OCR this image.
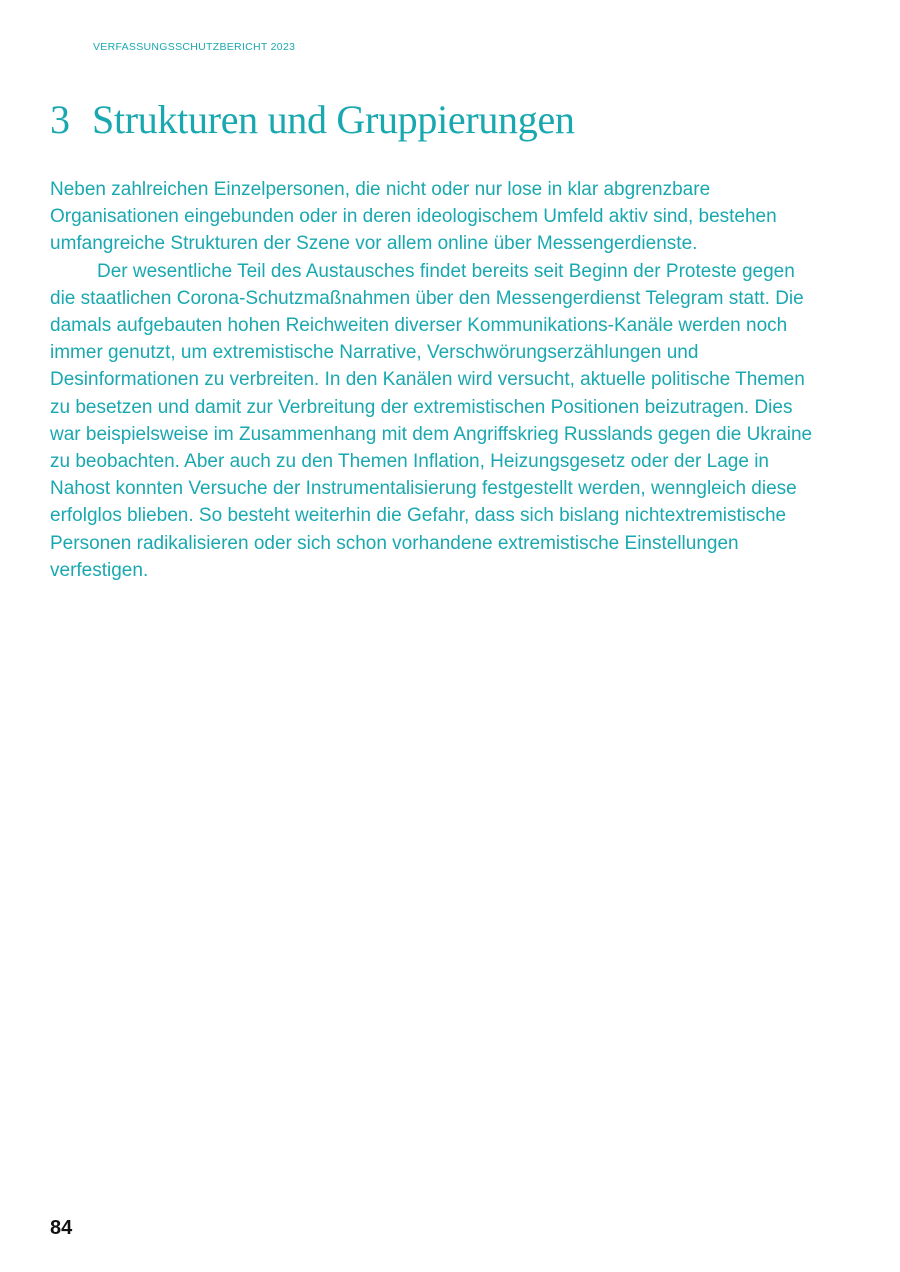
VERFASSUNGSSCHUTZBERICHT 2023
3 Strukturen und Gruppierungen

Neben zahlreichen Einzelpersonen, die nicht oder nur lose in klar abgrenzbare Organisationen eingebunden oder in deren ideologischem Umfeld aktiv sind, bestehen umfangreiche Strukturen der Szene vor allem online über Messengerdienste.

Der wesentliche Teil des Austausches findet bereits seit Beginn der Proteste gegen die staatlichen Corona-Schutzmaßnahmen über den Messengerdienst Telegram statt. Die damals aufgebauten hohen Reichweiten diverser Kommunikations-Kanäle werden noch immer genutzt, um extremistische Narrative, Verschwörungserzählungen und Desinformationen zu verbreiten. In den Kanälen wird versucht, aktuelle politische Themen zu besetzen und damit zur Verbreitung der extremistischen Positionen beizutragen. Dies war beispielsweise im Zusammenhang mit dem Angriffskrieg Russlands gegen die Ukraine zu beobachten. Aber auch zu den Themen Inflation, Heizungsgesetz oder der Lage in Nahost konnten Versuche der Instrumentalisierung festgestellt werden, wenngleich diese erfolglos blieben. So besteht weiterhin die Gefahr, dass sich bislang nichtextremistische Personen radikalisieren oder sich schon vorhandene extremistische Einstellungen verfestigen.

84
